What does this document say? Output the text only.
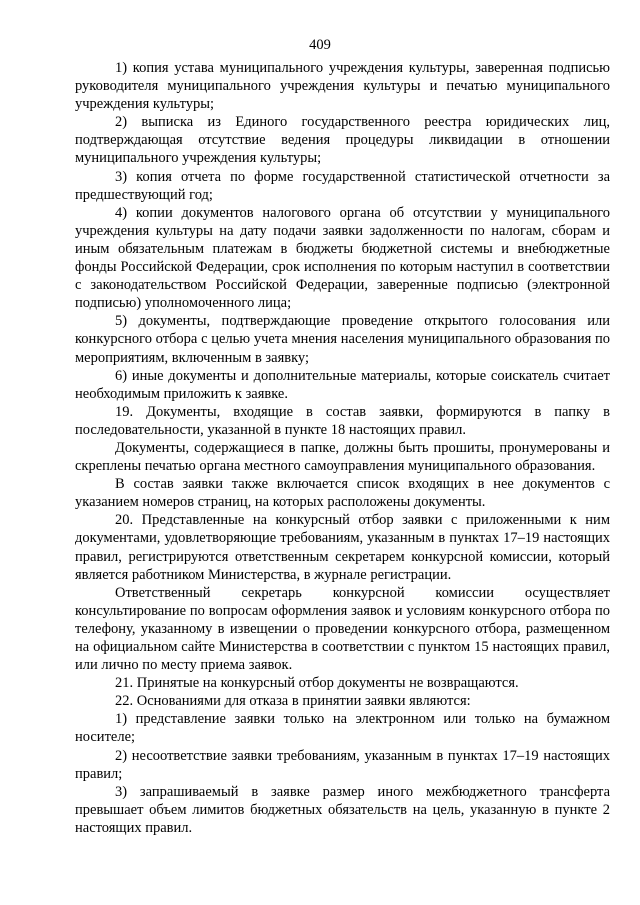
409

1) копия устава муниципального учреждения культуры, заверенная подписью руководителя муниципального учреждения культуры и печатью муниципального учреждения культуры;

2) выписка из Единого государственного реестра юридических лиц, подтверждающая отсутствие ведения процедуры ликвидации в отношении муниципального учреждения культуры;

3) копия отчета по форме государственной статистической отчетности за предшествующий год;

4) копии документов налогового органа об отсутствии у муниципального учреждения культуры на дату подачи заявки задолженности по налогам, сборам и иным обязательным платежам в бюджеты бюджетной системы и внебюджетные фонды Российской Федерации, срок исполнения по которым наступил в соответствии с законодательством Российской Федерации, заверенные подписью (электронной подписью) уполномоченного лица;

5) документы, подтверждающие проведение открытого голосования или конкурсного отбора с целью учета мнения населения муниципального образования по мероприятиям, включенным в заявку;

6) иные документы и дополнительные материалы, которые соискатель считает необходимым приложить к заявке.

19. Документы, входящие в состав заявки, формируются в папку в последовательности, указанной в пункте 18 настоящих правил.

Документы, содержащиеся в папке, должны быть прошиты, пронумерованы и скреплены печатью органа местного самоуправления муниципального образования.

В состав заявки также включается список входящих в нее документов с указанием номеров страниц, на которых расположены документы.

20. Представленные на конкурсный отбор заявки с приложенными к ним документами, удовлетворяющие требованиям, указанным в пунктах 17–19 настоящих правил, регистрируются ответственным секретарем конкурсной комиссии, который является работником Министерства, в журнале регистрации.

Ответственный секретарь конкурсной комиссии осуществляет консультирование по вопросам оформления заявок и условиям конкурсного отбора по телефону, указанному в извещении о проведении конкурсного отбора, размещенном на официальном сайте Министерства в соответствии с пунктом 15 настоящих правил, или лично по месту приема заявок.

21. Принятые на конкурсный отбор документы не возвращаются.

22. Основаниями для отказа в принятии заявки являются:

1) представление заявки только на электронном или только на бумажном носителе;

2) несоответствие заявки требованиям, указанным в пунктах 17–19 настоящих правил;

3) запрашиваемый в заявке размер иного межбюджетного трансферта превышает объем лимитов бюджетных обязательств на цель, указанную в пункте 2 настоящих правил.
